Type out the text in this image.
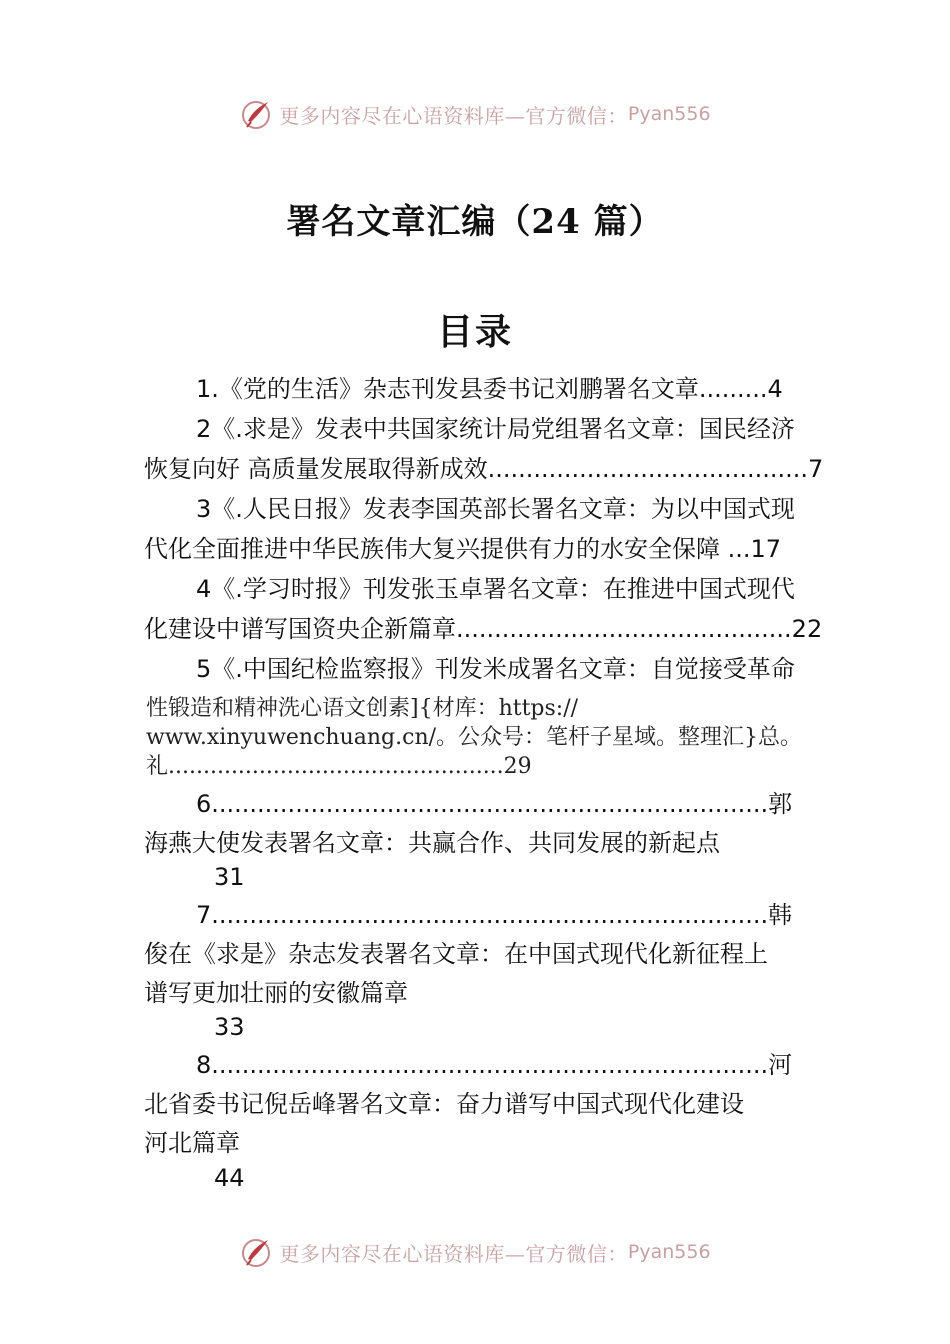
更多内容尽在心语资料库—官方微信： Pyan556
署名文章汇编（24 篇）
目录
1.《党的生活》杂志刊发县委书记刘鹏署名文章.........4
2《.求是》发表中共国家统计局党组署名文章：国民经济
恢复向好 高质量发展取得新成效..........................................7
3《.人民日报》发表李国英部长署名文章：为以中国式现
代化全面推进中华民族伟大复兴提供有力的水安全保障 ...17
4《.学习时报》刊发张玉卓署名文章：在推进中国式现代
化建设中谱写国资央企新篇章............................................22
5《.中国纪检监察报》刊发米成署名文章：自觉接受革命
性锻造和精神洗心语文创素]{材库：https://
www.xinyuwenchuang.cn/。公众号：笔杆子星域。整理汇}总。
礼................................................29
6.........................................................................郭
海燕大使发表署名文章：共赢合作、共同发展的新起点
31
7.........................................................................韩
俊在《求是》杂志发表署名文章：在中国式现代化新征程上
谱写更加壮丽的安徽篇章
33
8.........................................................................河
北省委书记倪岳峰署名文章：奋力谱写中国式现代化建设
河北篇章
44
更多内容尽在心语资料库—官方微信： Pyan556
